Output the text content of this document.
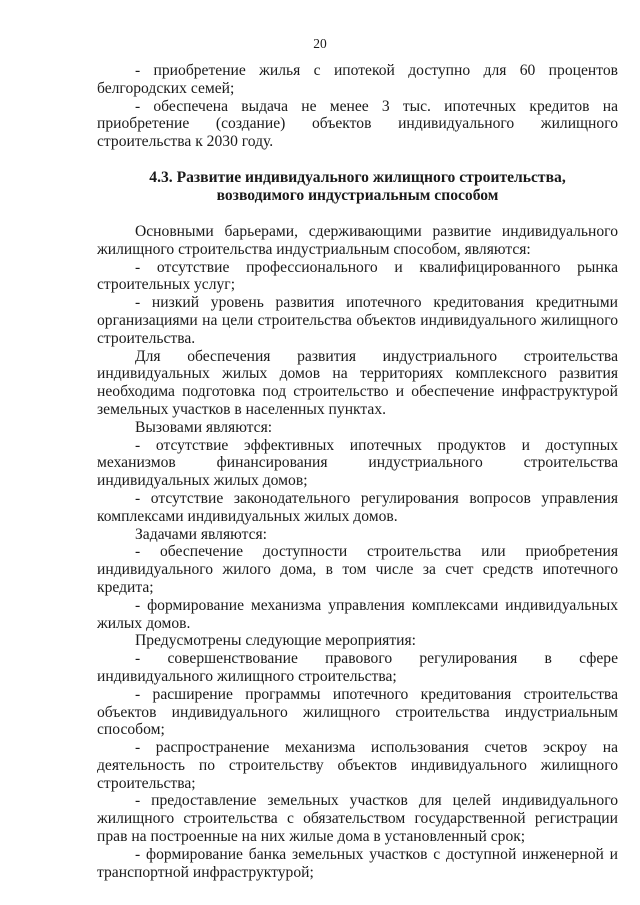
20

- приобретение жилья с ипотекой доступно для 60 процентов белгородских семей;

- обеспечена выдача не менее 3 тыс. ипотечных кредитов на приобретение (создание) объектов индивидуального жилищного строительства к 2030 году.

4.3. Развитие индивидуального жилищного строительства,
возводимого индустриальным способом

Основными барьерами, сдерживающими развитие индивидуального жилищного строительства индустриальным способом, являются:

- отсутствие профессионального и квалифицированного рынка строительных услуг;

- низкий уровень развития ипотечного кредитования кредитными организациями на цели строительства объектов индивидуального жилищного строительства.

Для обеспечения развития индустриального строительства индивидуальных жилых домов на территориях комплексного развития необходима подготовка под строительство и обеспечение инфраструктурой земельных участков в населенных пунктах.

Вызовами являются:

- отсутствие эффективных ипотечных продуктов и доступных механизмов финансирования индустриального строительства индивидуальных жилых домов;

- отсутствие законодательного регулирования вопросов управления комплексами индивидуальных жилых домов.

Задачами являются:

- обеспечение доступности строительства или приобретения индивидуального жилого дома, в том числе за счет средств ипотечного кредита;

- формирование механизма управления комплексами индивидуальных жилых домов.

Предусмотрены следующие мероприятия:

- совершенствование правового регулирования в сфере индивидуального жилищного строительства;

- расширение программы ипотечного кредитования строительства объектов индивидуального жилищного строительства индустриальным способом;

- распространение механизма использования счетов эскроу на деятельность по строительству объектов индивидуального жилищного строительства;

- предоставление земельных участков для целей индивидуального жилищного строительства с обязательством государственной регистрации прав на построенные на них жилые дома в установленный срок;

- формирование банка земельных участков с доступной инженерной и транспортной инфраструктурой;
